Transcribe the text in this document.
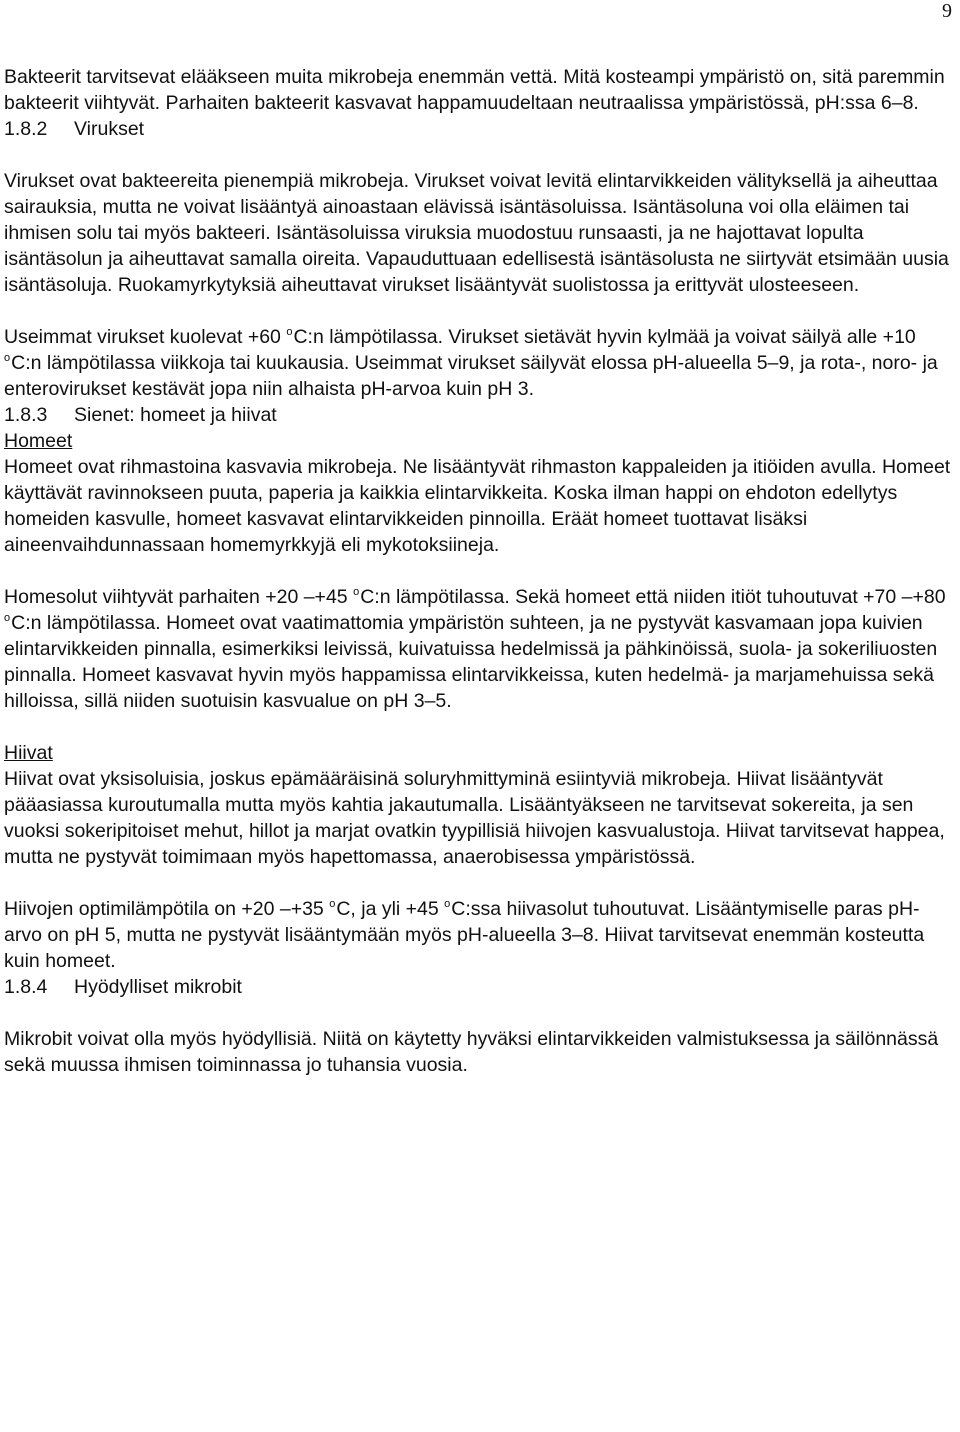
9

Bakteerit tarvitsevat elääkseen muita mikrobeja enemmän vettä. Mitä kosteampi ympäristö on, sitä paremmin bakteerit viihtyvät. Parhaiten bakteerit kasvavat happamuudeltaan neutraalissa ympäristössä, pH:ssa 6–8.

1.8.2 Virukset

Virukset ovat bakteereita pienempiä mikrobeja. Virukset voivat levitä elintarvikkeiden välityksellä ja aiheuttaa sairauksia, mutta ne voivat lisääntyä ainoastaan elävissä isäntäsoluissa. Isäntäsoluna voi olla eläimen tai ihmisen solu tai myös bakteeri. Isäntäsoluissa viruksia muodostuu runsaasti, ja ne hajottavat lopulta isäntäsolun ja aiheuttavat samalla oireita. Vapauduttuaan edellisestä isäntäsolusta ne siirtyvät etsimään uusia isäntäsoluja. Ruokamyrkytyksiä aiheuttavat virukset lisääntyvät suolistossa ja erittyvät ulosteeseen.

Useimmat virukset kuolevat +60 $^o$C:n lämpötilassa. Virukset sietävät hyvin kylmää ja voivat säilyä alle +10 $^o$C:n lämpötilassa viikkoja tai kuukausia. Useimmat virukset säilyvät elossa pH-alueella 5–9, ja rota-, noro- ja enterovirukset kestävät jopa niin alhaista pH-arvoa kuin pH 3.

1.8.3 Sienet: homeet ja hiivat

Homeet

Homeet ovat rihmastoina kasvavia mikrobeja. Ne lisääntyvät rihmaston kappaleiden ja itiöiden avulla. Homeet käyttävät ravinnokseen puuta, paperia ja kaikkia elintarvikkeita. Koska ilman happi on ehdoton edellytys homeiden kasvulle, homeet kasvavat elintarvikkeiden pinnoilla. Eräät homeet tuottavat lisäksi aineenvaihdunnassaan homemyrkkyjä eli mykotoksiineja.

Homesolut viihtyvät parhaiten +20 –+45 $^o$C:n lämpötilassa. Sekä homeet että niiden itiöt tuhoutuvat +70 –+80 $^o$C:n lämpötilassa. Homeet ovat vaatimattomia ympäristön suhteen, ja ne pystyvät kasvamaan jopa kuivien elintarvikkeiden pinnalla, esimerkiksi leivissä, kuivatuissa hedelmissä ja pähkinöissä, suola- ja sokeriliuosten pinnalla. Homeet kasvavat hyvin myös happamissa elintarvikkeissa, kuten hedelmä- ja marjamehuissa sekä hilloissa, sillä niiden suotuisin kasvualue on pH 3–5.

Hiivat

Hiivat ovat yksisoluisia, joskus epämääräisinä soluryhmittyminä esiintyviä mikrobeja. Hiivat lisääntyvät pääasiassa kuroutumalla mutta myös kahtia jakautumalla. Lisääntyäkseen ne tarvitsevat sokereita, ja sen vuoksi sokeripitoiset mehut, hillot ja marjat ovatkin tyypillisiä hiivojen kasvualustoja. Hiivat tarvitsevat happea, mutta ne pystyvät toimimaan myös hapettomassa, anaerobisessa ympäristössä.

Hiivojen optimilämpötila on +20 –+35 $^o$C, ja yli +45 $^o$C:ssa hiivasolut tuhoutuvat. Lisääntymiselle paras pH-arvo on pH 5, mutta ne pystyvät lisääntymään myös pH-alueella 3–8. Hiivat tarvitsevat enemmän kosteutta kuin homeet.

1.8.4 Hyödylliset mikrobit

Mikrobit voivat olla myös hyödyllisiä. Niitä on käytetty hyväksi elintarvikkeiden valmistuksessa ja säilönnässä sekä muussa ihmisen toiminnassa jo tuhansia vuosia.
